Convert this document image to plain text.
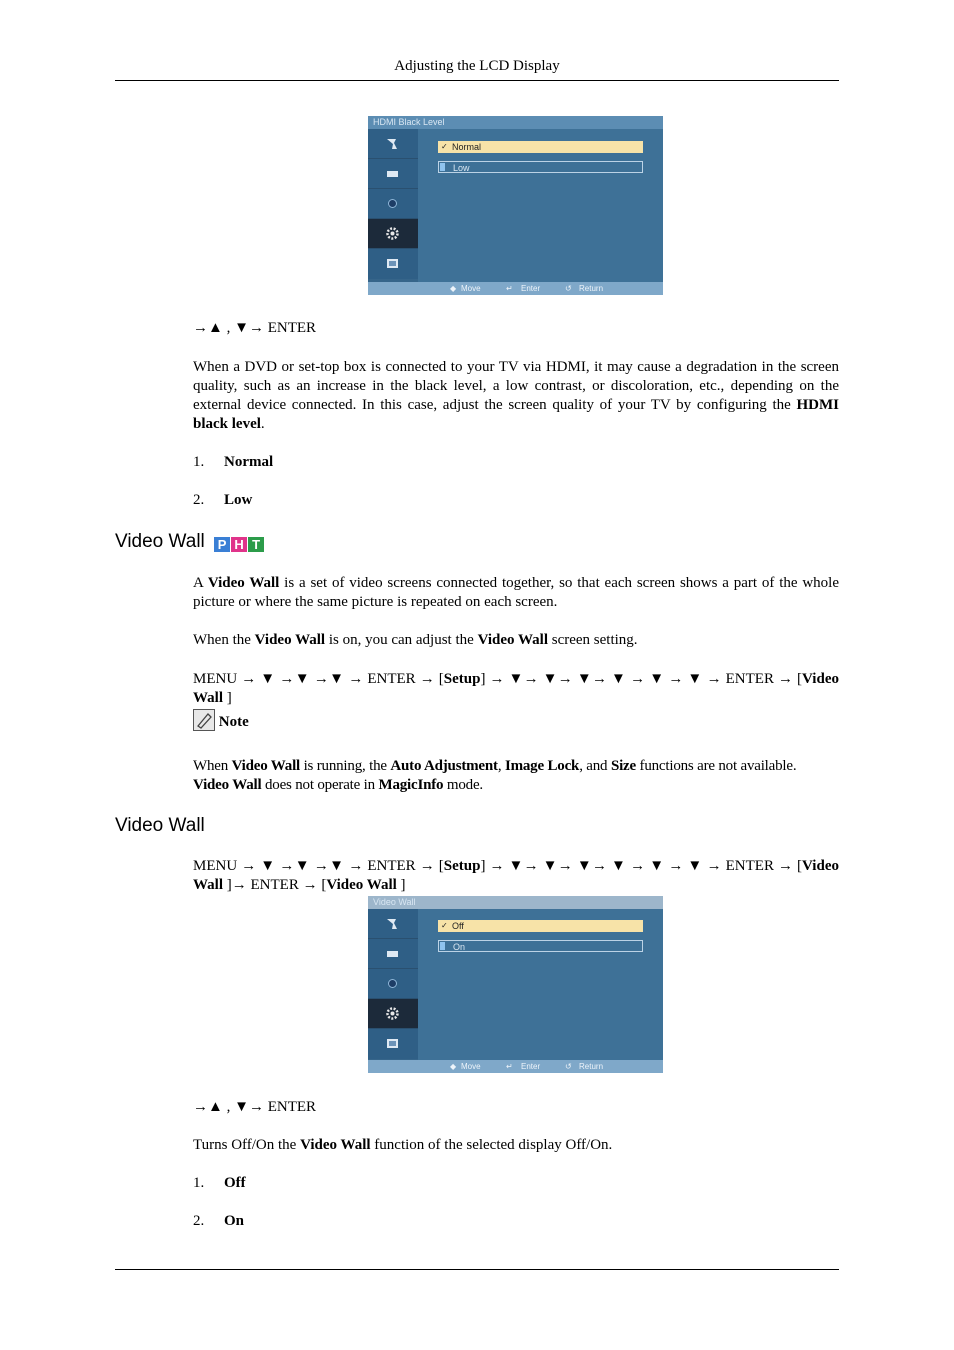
Adjusting the LCD Display
HDMI Black Level
✓ Normal
Low
◆ Move	↵ Enter	↺ Return
→▲ , ▼→ ENTER
When a DVD or set-top box is connected to your TV via HDMI, it may cause a degradation in the screen quality, such as an increase in the black level, a low contrast, or discoloration, etc., depending on the external device connected. In this case, adjust the screen quality of your TV by configuring the HDMI black level.
1. Normal
2. Low
Video Wall P H T
A Video Wall is a set of video screens connected together, so that each screen shows a part of the whole picture or where the same picture is repeated on each screen.
When the Video Wall is on, you can adjust the Video Wall screen setting.
MENU → ▼ →▼ →▼ → ENTER → [Setup] → ▼→ ▼→ ▼→ ▼ → ▼ → ▼ → ENTER → [Video Wall ]
Note
When Video Wall is running, the Auto Adjustment, Image Lock, and Size functions are not available.
Video Wall does not operate in MagicInfo mode.
Video Wall
MENU → ▼ →▼ →▼ → ENTER → [Setup] → ▼→ ▼→ ▼→ ▼ → ▼ → ▼ → ENTER → [Video Wall ]→ ENTER → [Video Wall ]
Video Wall
✓ Off
On
◆ Move	↵ Enter	↺ Return
→▲ , ▼→ ENTER
Turns Off/On the Video Wall function of the selected display Off/On.
1. Off
2. On
